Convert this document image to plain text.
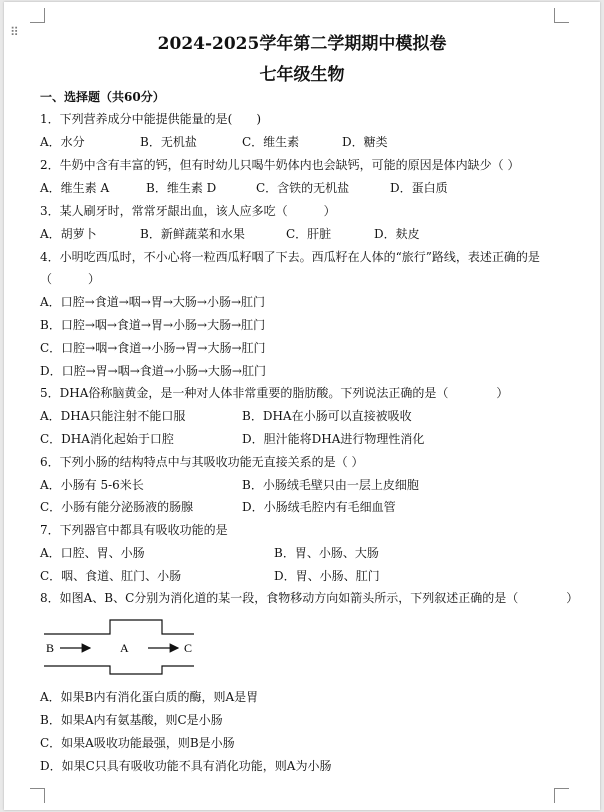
⠿
2024-2025学年第二学期期中模拟卷
七年级生物
一、选择题（共60分）
1．下列营养成分中能提供能量的是(　　)
A．水分	B．无机盐	C．维生素	D．糖类
2．牛奶中含有丰富的钙，但有时幼儿只喝牛奶体内也会缺钙，可能的原因是体内缺少（ ）
A．维生素 A	B．维生素 D	C．含铁的无机盐	D．蛋白质
3．某人刷牙时，常常牙龈出血，该人应多吃（　　　）
A．胡萝卜	B．新鲜蔬菜和水果	C．肝脏	D．麸皮
4．小明吃西瓜时，不小心将一粒西瓜籽咽了下去。西瓜籽在人体的“旅行”路线，表述正确的是
（　　　）
A．口腔→食道→咽→胃→大肠→小肠→肛门
B．口腔→咽→食道→胃→小肠→大肠→肛门
C．口腔→咽→食道→小肠→胃→大肠→肛门
D．口腔→胃→咽→食道→小肠→大肠→肛门
5．DHA俗称脑黄金，是一种对人体非常重要的脂肪酸。下列说法正确的是（　　　　）
A．DHA只能注射不能口服	B．DHA在小肠可以直接被吸收
C．DHA消化起始于口腔	D．胆汁能将DHA进行物理性消化
6．下列小肠的结构特点中与其吸收功能无直接关系的是（ ）
A．小肠有 5-6米长	B．小肠绒毛壁只由一层上皮细胞
C．小肠有能分泌肠液的肠腺	D．小肠绒毛腔内有毛细血管
7．下列器官中都具有吸收功能的是
A．口腔、胃、小肠	B．胃、小肠、大肠
C．咽、食道、肛门、小肠	D．胃、小肠、肛门
8．如图A、B、C分别为消化道的某一段，食物移动方向如箭头所示，下列叙述正确的是（　　　　）
B	A	C
A．如果B内有消化蛋白质的酶，则A是胃
B．如果A内有氨基酸，则C是小肠
C．如果A吸收功能最强，则B是小肠
D．如果C只具有吸收功能不具有消化功能，则A为小肠
